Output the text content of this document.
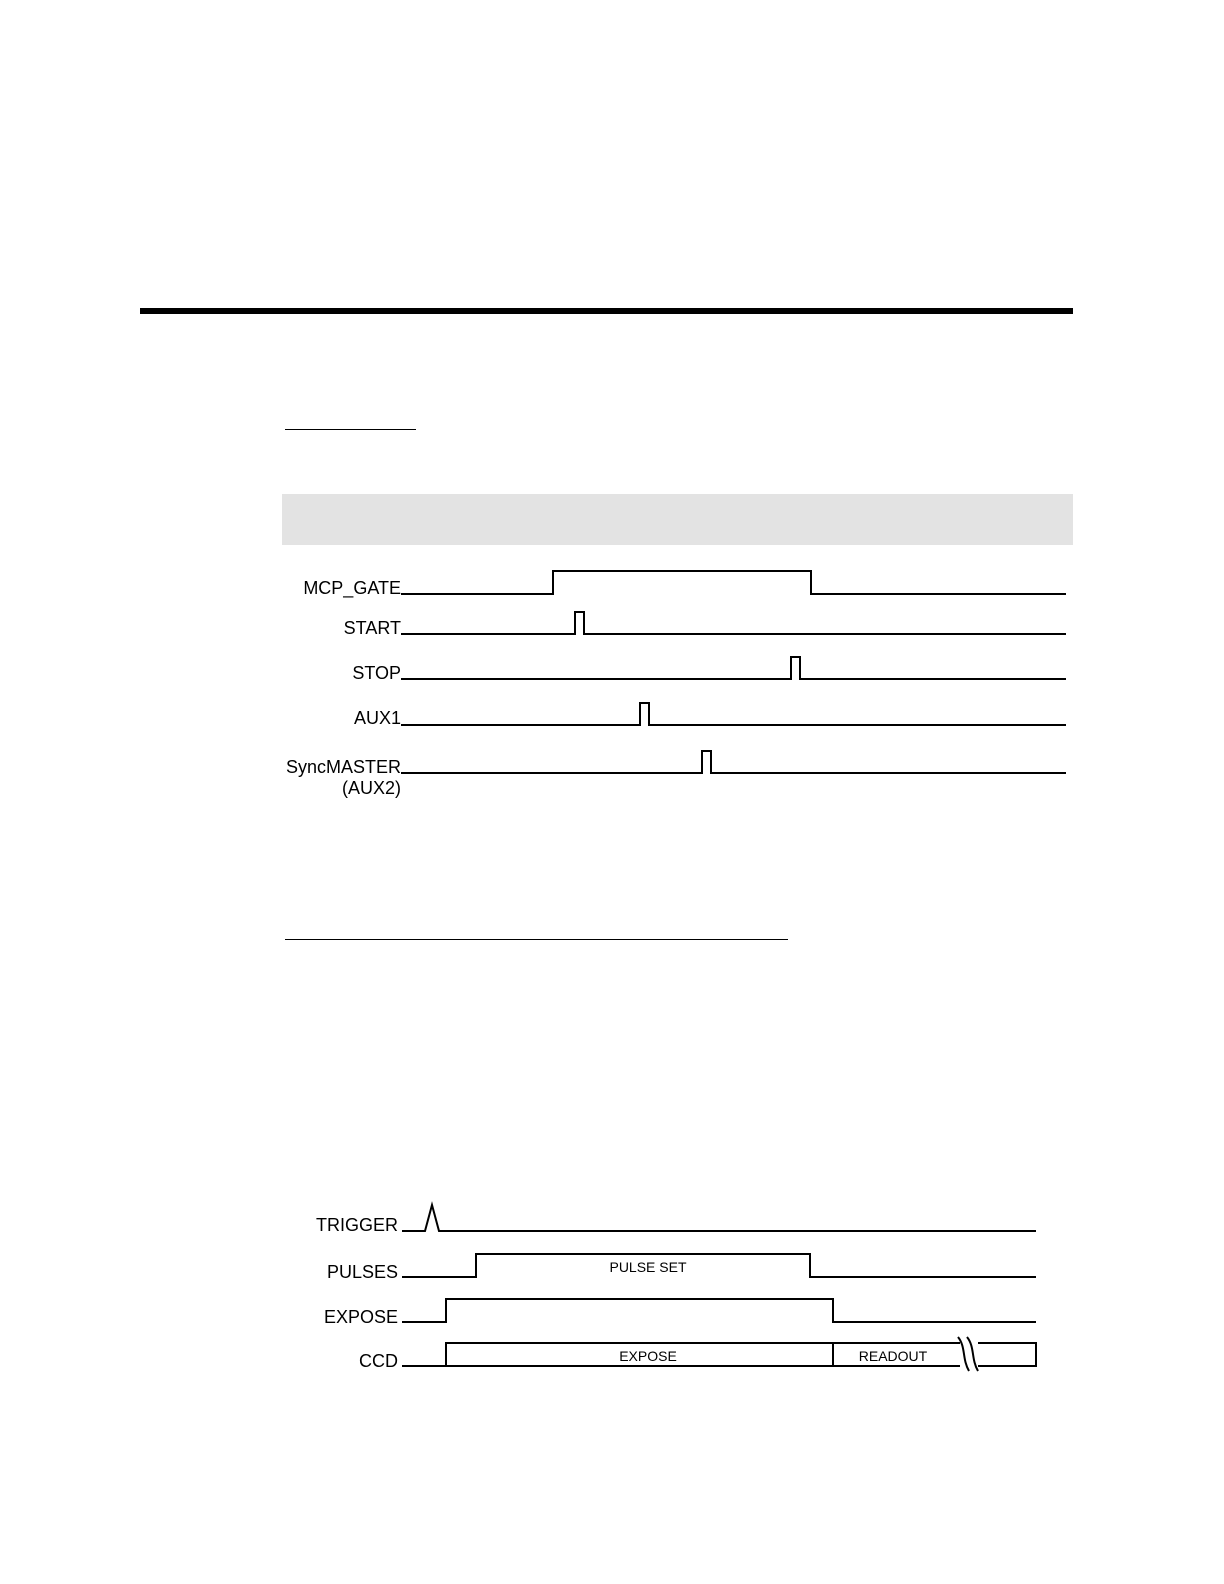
MCP_GATE
START
STOP
AUX1
SyncMASTER
(AUX2)
TRIGGER
PULSES	PULSE SET
EXPOSE
CCD	EXPOSE	READOUT
